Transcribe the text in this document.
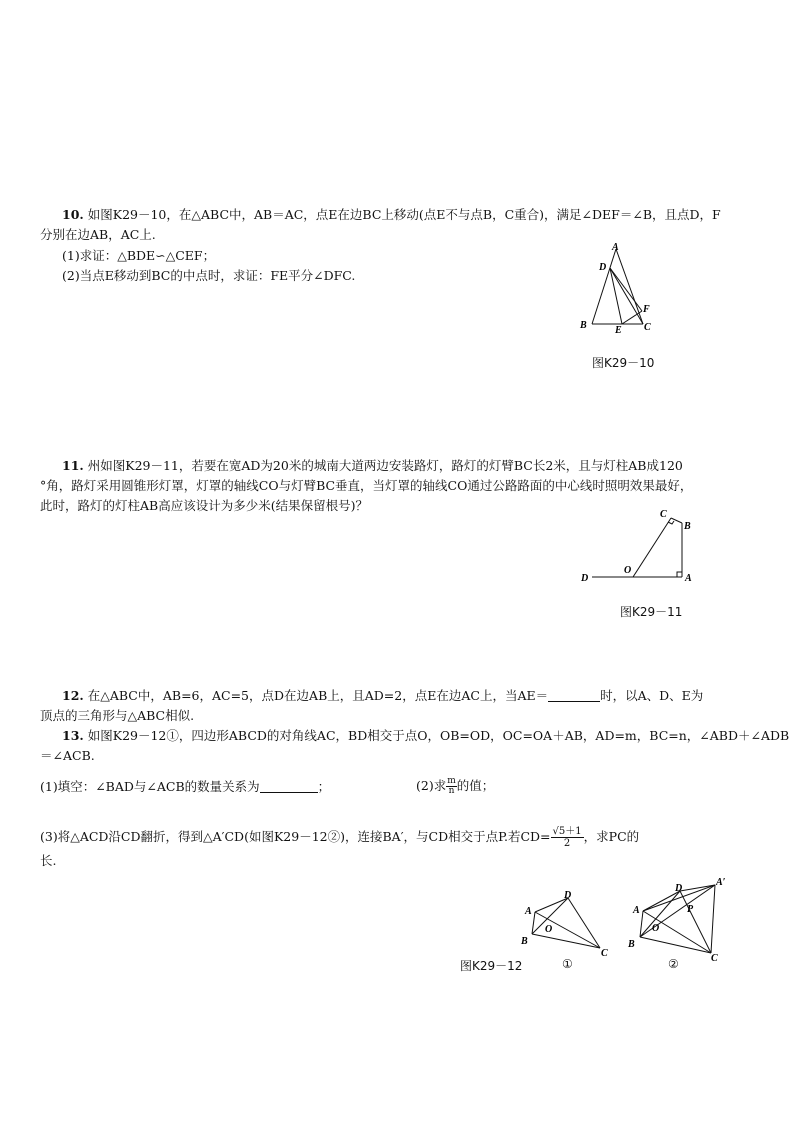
10. 如图K29－10，在△ABC中，AB＝AC，点E在边BC上移动(点E不与点B，C重合)，满足∠DEF＝∠B，且点D，F
分别在边AB，AC上.
(1)求证：△BDE∽△CEF；
(2)当点E移动到BC的中点时，求证：FE平分∠DFC.
A
D
F
B	E C
图K29－10
11. 州如图K29－11，若要在宽AD为20米的城南大道两边安装路灯，路灯的灯臂BC长2米，且与灯柱AB成120
°角，路灯采用圆锥形灯罩，灯罩的轴线CO与灯臂BC垂直，当灯罩的轴线CO通过公路路面的中心线时照明效果最好，
此时，路灯的灯柱AB高应该设计为多少米(结果保留根号)？
D
O
A
B
C
图K29－11
12. 在△ABC中，AB=6，AC=5，点D在边AB上，且AD=2，点E在边AC上，当AE＝	时，以A、D、E为
顶点的三角形与△ABC相似.
13. 如图K29－12①，四边形ABCD的对角线AC，BD相交于点O，OB=OD，OC=OA＋AB，AD=m，BC=n，∠ABD＋∠ADB
＝∠ACB.
(1)填空：∠BAD与∠ACB的数量关系为	；	(2)求 $\frac{m}{n}$ 的值；
(3)将△ACD沿CD翻折，得到△A′CD(如图K29－12②)，连接BA′，与CD相交于点P.若$CD= \frac{√5+1}{2}$，求PC的
长.
D
A
O
B
C
D
A′
A	P
O
B
C
图K29－12	①	②
